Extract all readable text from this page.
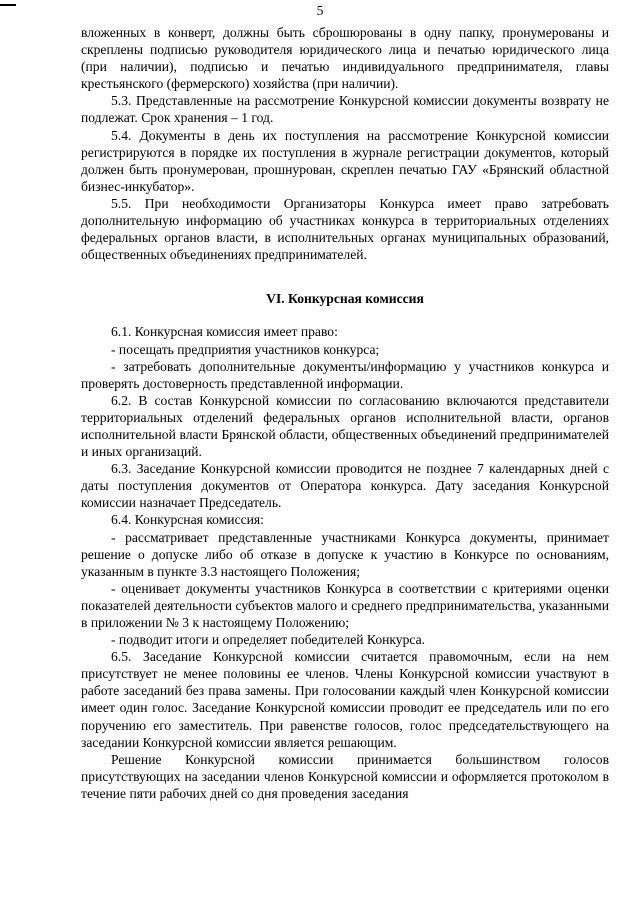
5

вложенных в конверт, должны быть сброшюрованы в одну папку, пронумерованы и скреплены подписью руководителя юридического лица и печатью юридического лица (при наличии), подписью и печатью индивидуального предпринимателя, главы крестьянского (фермерского) хозяйства (при наличии).

5.3. Представленные на рассмотрение Конкурсной комиссии документы возврату не подлежат. Срок хранения – 1 год.

5.4. Документы в день их поступления на рассмотрение Конкурсной комиссии регистрируются в порядке их поступления в журнале регистрации документов, который должен быть пронумерован, прошнурован, скреплен печатью ГАУ «Брянский областной бизнес-инкубатор».

5.5. При необходимости Организаторы Конкурса имеет право затребовать дополнительную информацию об участниках конкурса в территориальных отделениях федеральных органов власти, в исполнительных органах муниципальных образований, общественных объединениях предпринимателей.

VI. Конкурсная комиссия

6.1. Конкурсная комиссия имеет право:

- посещать предприятия участников конкурса;

- затребовать дополнительные документы/информацию у участников конкурса и проверять достоверность представленной информации.

6.2. В состав Конкурсной комиссии по согласованию включаются представители территориальных отделений федеральных органов исполнительной власти, органов исполнительной власти Брянской области, общественных объединений предпринимателей и иных организаций.

6.3. Заседание Конкурсной комиссии проводится не позднее 7 календарных дней с даты поступления документов от Оператора конкурса. Дату заседания Конкурсной комиссии назначает Председатель.

6.4. Конкурсная комиссия:

- рассматривает представленные участниками Конкурса документы, принимает решение о допуске либо об отказе в допуске к участию в Конкурсе по основаниям, указанным в пункте 3.3 настоящего Положения;

- оценивает документы участников Конкурса в соответствии с критериями оценки показателей деятельности субъектов малого и среднего предпринимательства, указанными в приложении № 3 к настоящему Положению;

- подводит итоги и определяет победителей Конкурса.

6.5. Заседание Конкурсной комиссии считается правомочным, если на нем присутствует не менее половины ее членов. Члены Конкурсной комиссии участвуют в работе заседаний без права замены. При голосовании каждый член Конкурсной комиссии имеет один голос. Заседание Конкурсной комиссии проводит ее председатель или по его поручению его заместитель. При равенстве голосов, голос председательствующего на заседании Конкурсной комиссии является решающим.

Решение Конкурсной комиссии принимается большинством голосов присутствующих на заседании членов Конкурсной комиссии и оформляется протоколом в течение пяти рабочих дней со дня проведения заседания
